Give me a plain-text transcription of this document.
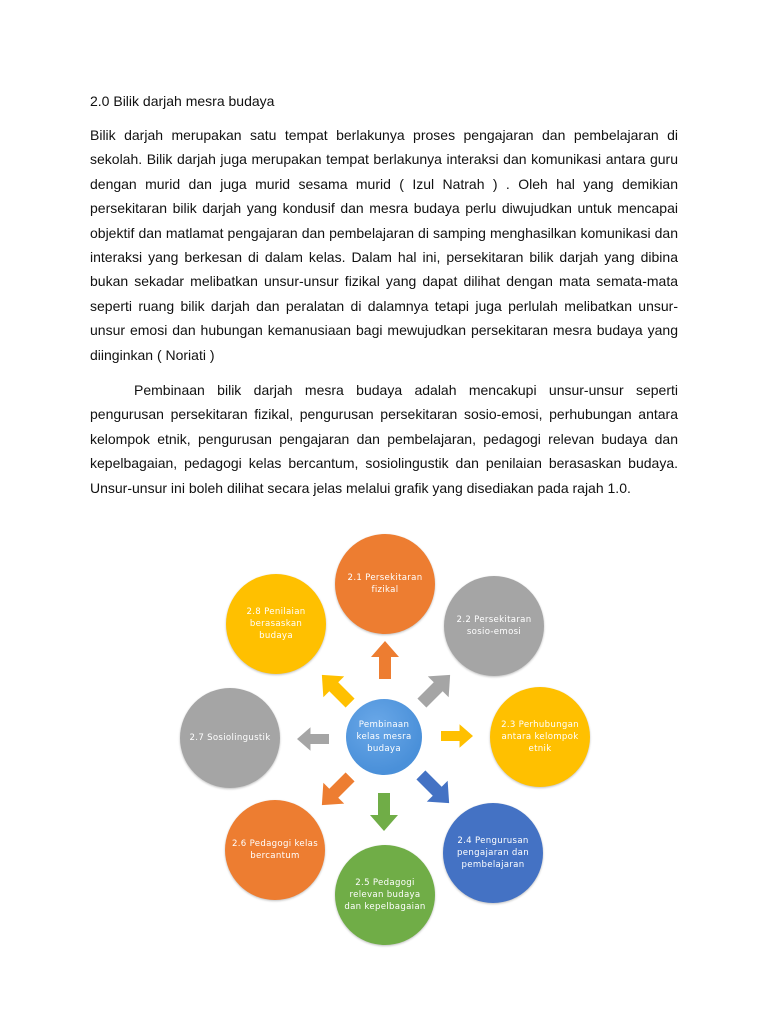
2.0 Bilik darjah mesra budaya

Bilik darjah merupakan satu tempat berlakunya proses pengajaran dan pembelajaran di sekolah. Bilik darjah juga merupakan tempat berlakunya interaksi dan komunikasi antara guru dengan murid dan juga murid sesama murid ( Izul Natrah ) . Oleh hal yang demikian persekitaran bilik darjah yang kondusif dan mesra budaya perlu diwujudkan untuk mencapai objektif dan matlamat pengajaran dan pembelajaran di samping menghasilkan komunikasi dan interaksi yang berkesan di dalam kelas. Dalam hal ini, persekitaran bilik darjah yang dibina bukan sekadar melibatkan unsur-unsur fizikal yang dapat dilihat dengan mata semata-mata seperti ruang bilik darjah dan peralatan di dalamnya tetapi juga perlulah melibatkan unsur-unsur emosi dan hubungan kemanusiaan bagi mewujudkan persekitaran mesra budaya yang diinginkan ( Noriati )

Pembinaan bilik darjah mesra budaya adalah mencakupi unsur-unsur seperti pengurusan persekitaran fizikal, pengurusan persekitaran sosio-emosi, perhubungan antara kelompok etnik, pengurusan pengajaran dan pembelajaran, pedagogi relevan budaya dan kepelbagaian, pedagogi kelas bercantum, sosiolingustik dan penilaian berasaskan budaya. Unsur-unsur ini boleh dilihat secara jelas melalui grafik yang disediakan pada rajah 1.0.

Pembinaan kelas mesra budaya
2.1 Persekitaran fizikal
2.2 Persekitaran sosio-emosi
2.3 Perhubungan antara kelompok etnik
2.4 Pengurusan pengajaran dan pembelajaran
2.5 Pedagogi relevan budaya dan kepelbagaian
2.6 Pedagogi kelas bercantum
2.7 Sosiolingustik
2.8 Penilaian berasaskan budaya
